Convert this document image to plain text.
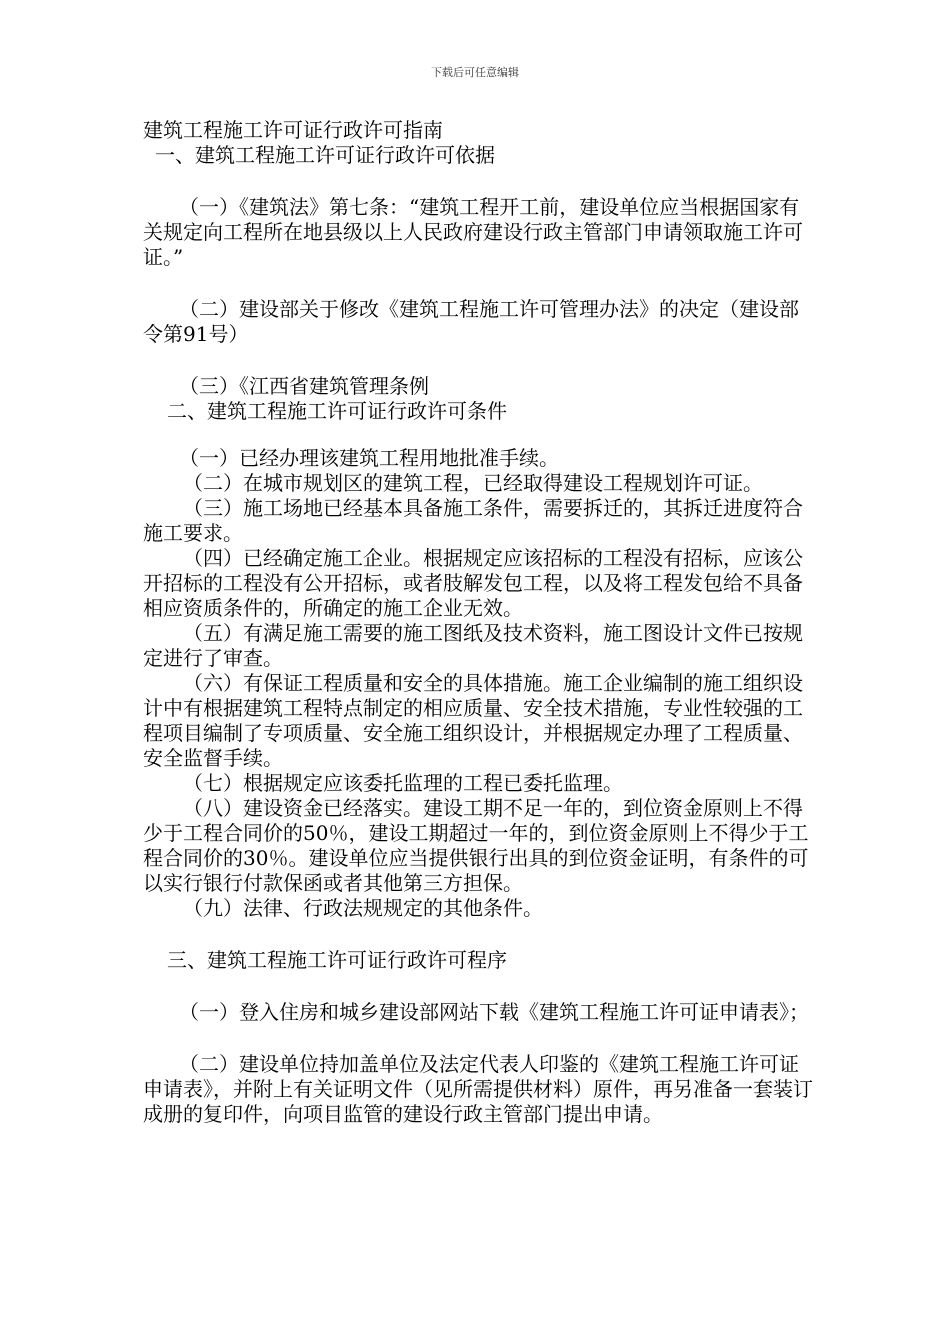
下载后可任意编辑

建筑工程施工许可证行政许可指南

一、建筑工程施工许可证行政许可依据

（一）《建筑法》第七条：“建筑工程开工前，建设单位应当根据国家有关规定向工程所在地县级以上人民政府建设行政主管部门申请领取施工许可证。”

（二）建设部关于修改《建筑工程施工许可管理办法》的决定（建设部令第91号）

（三）《江西省建筑管理条例

二、建筑工程施工许可证行政许可条件

（一）已经办理该建筑工程用地批准手续。

（二）在城市规划区的建筑工程，已经取得建设工程规划许可证。

（三）施工场地已经基本具备施工条件，需要拆迁的，其拆迁进度符合施工要求。

（四）已经确定施工企业。根据规定应该招标的工程没有招标，应该公开招标的工程没有公开招标，或者肢解发包工程，以及将工程发包给不具备相应资质条件的，所确定的施工企业无效。

（五）有满足施工需要的施工图纸及技术资料，施工图设计文件已按规定进行了审查。

（六）有保证工程质量和安全的具体措施。施工企业编制的施工组织设计中有根据建筑工程特点制定的相应质量、安全技术措施，专业性较强的工程项目编制了专项质量、安全施工组织设计，并根据规定办理了工程质量、安全监督手续。

（七）根据规定应该委托监理的工程已委托监理。

（八）建设资金已经落实。建设工期不足一年的，到位资金原则上不得少于工程合同价的50％，建设工期超过一年的，到位资金原则上不得少于工程合同价的30％。建设单位应当提供银行出具的到位资金证明，有条件的可以实行银行付款保函或者其他第三方担保。

（九）法律、行政法规规定的其他条件。

三、建筑工程施工许可证行政许可程序

（一）登入住房和城乡建设部网站下载《建筑工程施工许可证申请表》；

（二）建设单位持加盖单位及法定代表人印鉴的《建筑工程施工许可证申请表》，并附上有关证明文件（见所需提供材料）原件，再另准备一套装订成册的复印件，向项目监管的建设行政主管部门提出申请。
